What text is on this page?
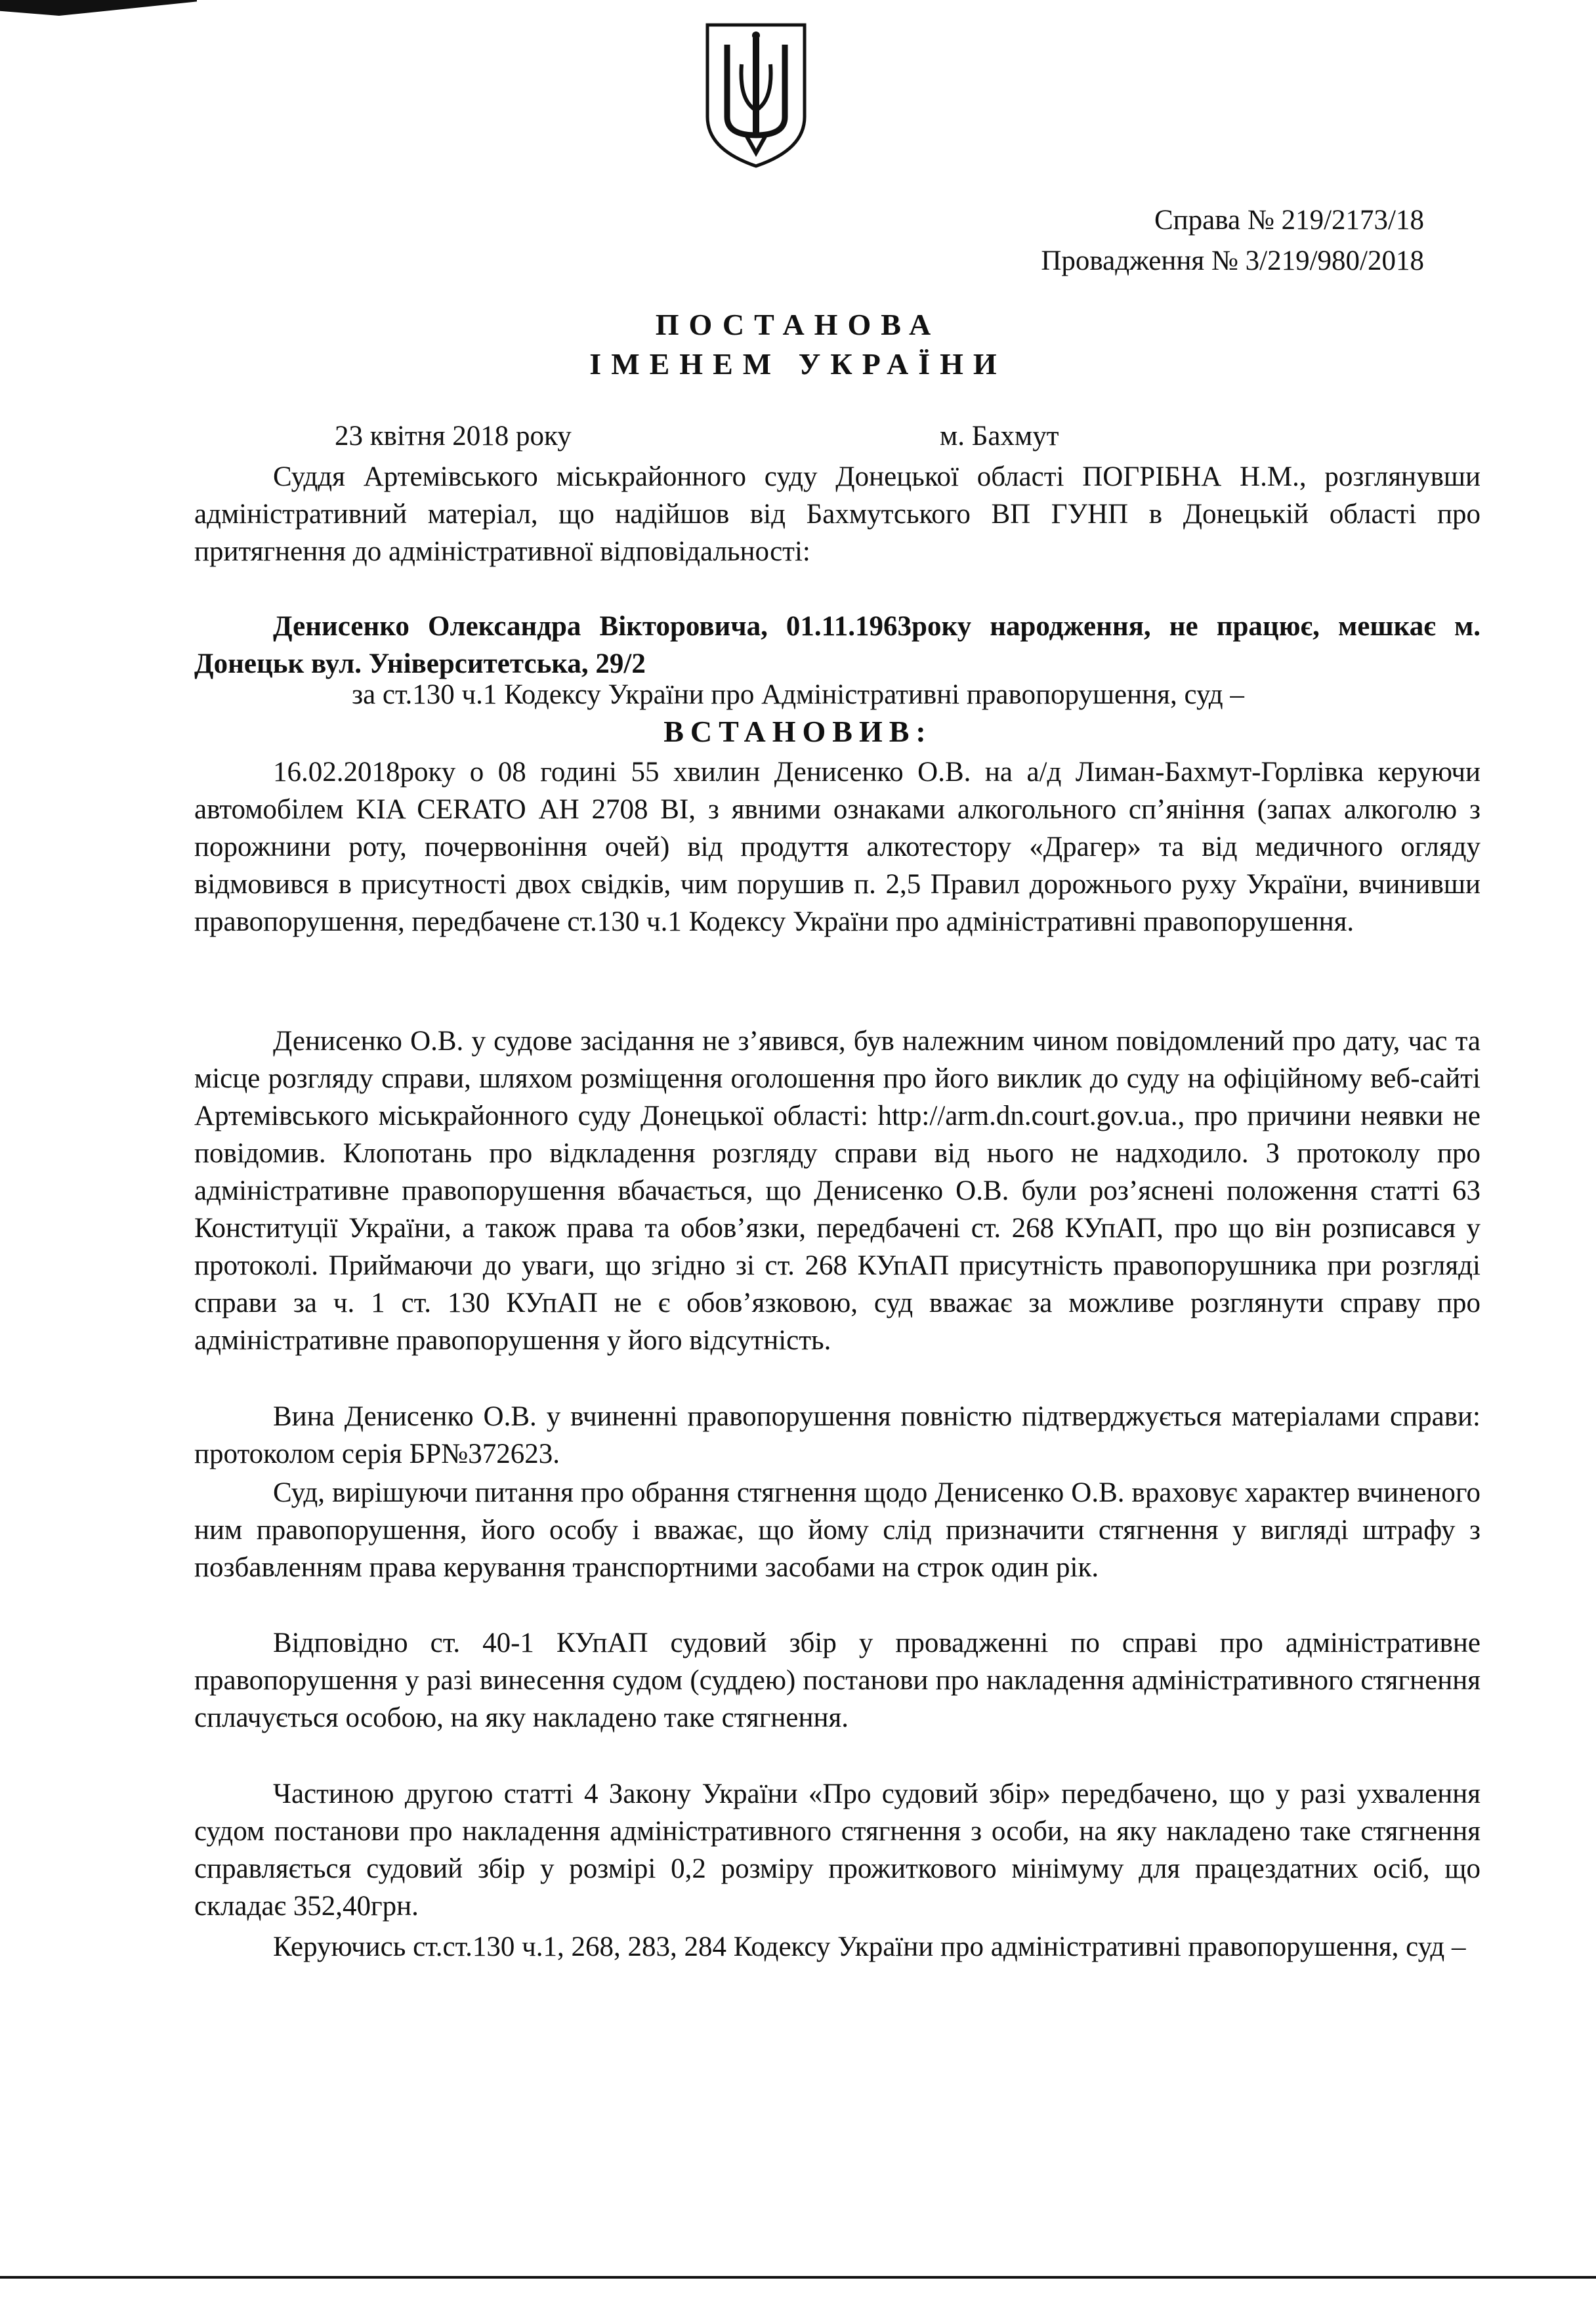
Справа № 219/2173/18
Провадження № 3/219/980/2018
ПОСТАНОВА
ІМЕНЕМ УКРАЇНИ
23 квітня 2018 року	м. Бахмут

Суддя Артемівського міськрайонного суду Донецької області ПОГРІБНА Н.М., розглянувши адміністративний матеріал, що надійшов від Бахмутського ВП ГУНП в Донецькій області про притягнення до адміністративної відповідальності:

Денисенко Олександра Вікторовича, 01.11.1963року народження, не працює, мешкає м. Донецьк вул. Університетська, 29/2

за ст.130 ч.1 Кодексу України про Адміністративні правопорушення, суд –
ВСТАНОВИВ:

16.02.2018року о 08 годині 55 хвилин Денисенко О.В. на а/д Лиман-Бахмут-Горлівка керуючи автомобілем KIA CERATO АН 2708 ВІ, з явними ознаками алкогольного сп’яніння (запах алкоголю з порожнини роту, почервоніння очей) від продуття алкотестору «Драгер» та від медичного огляду відмовився в присутності двох свідків, чим порушив п. 2,5 Правил дорожнього руху України, вчинивши правопорушення, передбачене ст.130 ч.1 Кодексу України про адміністративні правопорушення.

Денисенко О.В. у судове засідання не з’явився, був належним чином повідомлений про дату, час та місце розгляду справи, шляхом розміщення оголошення про його виклик до суду на офіційному веб-сайті Артемівського міськрайонного суду Донецької області: http://arm.dn.court.gov.ua., про причини неявки не повідомив. Клопотань про відкладення розгляду справи від нього не надходило. З протоколу про адміністративне правопорушення вбачається, що Денисенко О.В. були роз’яснені положення статті 63 Конституції України, а також права та обов’язки, передбачені ст. 268 КУпАП, про що він розписався у протоколі. Приймаючи до уваги, що згідно зі ст. 268 КУпАП присутність правопорушника при розгляді справи за ч. 1 ст. 130 КУпАП не є обов’язковою, суд вважає за можливе розглянути справу про адміністративне правопорушення у його відсутність.

Вина Денисенко О.В. у вчиненні правопорушення повністю підтверджується матеріалами справи: протоколом серія БР№372623.

Суд, вирішуючи питання про обрання стягнення щодо Денисенко О.В. враховує характер вчиненого ним правопорушення, його особу і вважає, що йому слід призначити стягнення у вигляді штрафу з позбавленням права керування транспортними засобами на строк один рік.

Відповідно ст. 40-1 КУпАП судовий збір у провадженні по справі про адміністративне правопорушення у разі винесення судом (суддею) постанови про накладення адміністративного стягнення сплачується особою, на яку накладено таке стягнення.

Частиною другою статті 4 Закону України «Про судовий збір» передбачено, що у разі ухвалення судом постанови про накладення адміністративного стягнення з особи, на яку накладено таке стягнення справляється судовий збір у розмірі 0,2 розміру прожиткового мінімуму для працездатних осіб, що складає 352,40грн.

Керуючись ст.ст.130 ч.1, 268, 283, 284 Кодексу України про адміністративні правопорушення, суд –
